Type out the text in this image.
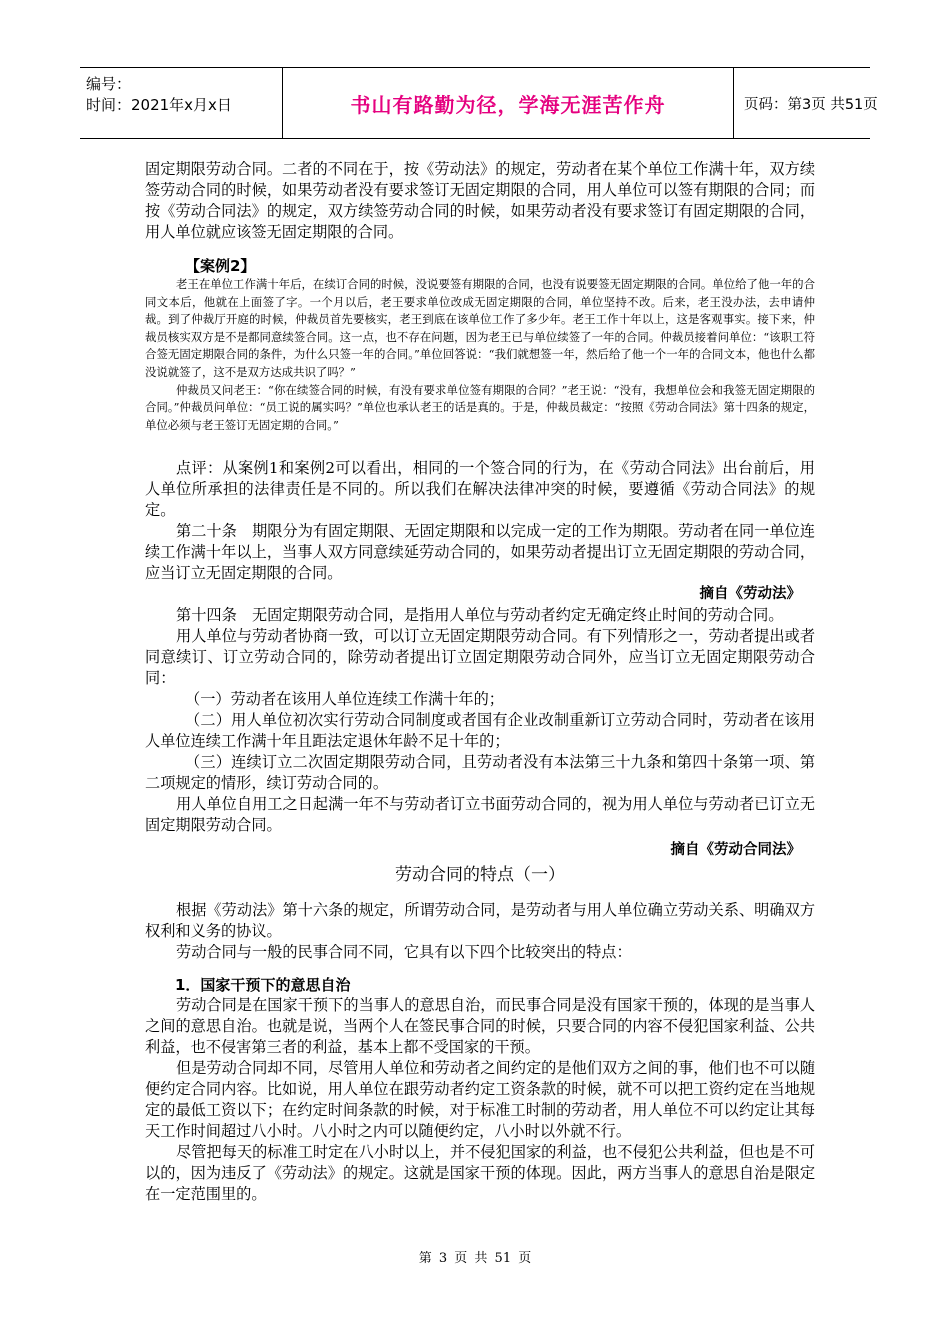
编号：
时间：2021年x月x日	书山有路勤为径，学海无涯苦作舟	页码：第3页 共51页

固定期限劳动合同。二者的不同在于，按《劳动法》的规定，劳动者在某个单位工作满十年，双方续签劳动合同的时候，如果劳动者没有要求签订无固定期限的合同，用人单位可以签有期限的合同；而按《劳动合同法》的规定，双方续签劳动合同的时候，如果劳动者没有要求签订有固定期限的合同，用人单位就应该签无固定期限的合同。

【案例2】

老王在单位工作满十年后，在续订合同的时候，没说要签有期限的合同，也没有说要签无固定期限的合同。单位给了他一年的合同文本后，他就在上面签了字。一个月以后，老王要求单位改成无固定期限的合同，单位坚持不改。后来，老王没办法，去申请仲裁。到了仲裁厅开庭的时候，仲裁员首先要核实，老王到底在该单位工作了多少年。老王工作十年以上，这是客观事实。接下来，仲裁员核实双方是不是都同意续签合同。这一点，也不存在问题，因为老王已与单位续签了一年的合同。仲裁员接着问单位：“该职工符合签无固定期限合同的条件，为什么只签一年的合同。”单位回答说：“我们就想签一年，然后给了他一个一年的合同文本，他也什么都没说就签了，这不是双方达成共识了吗？”

仲裁员又问老王：“你在续签合同的时候，有没有要求单位签有期限的合同？”老王说：“没有，我想单位会和我签无固定期限的合同。”仲裁员问单位：“员工说的属实吗？”单位也承认老王的话是真的。于是，仲裁员裁定：“按照《劳动合同法》第十四条的规定，单位必须与老王签订无固定期的合同。”

点评：从案例1和案例2可以看出，相同的一个签合同的行为，在《劳动合同法》出台前后，用人单位所承担的法律责任是不同的。所以我们在解决法律冲突的时候，要遵循《劳动合同法》的规定。

第二十条　期限分为有固定期限、无固定期限和以完成一定的工作为期限。劳动者在同一单位连续工作满十年以上，当事人双方同意续延劳动合同的，如果劳动者提出订立无固定期限的劳动合同，应当订立无固定期限的合同。

摘自《劳动法》

第十四条　无固定期限劳动合同，是指用人单位与劳动者约定无确定终止时间的劳动合同。

用人单位与劳动者协商一致，可以订立无固定期限劳动合同。有下列情形之一，劳动者提出或者同意续订、订立劳动合同的，除劳动者提出订立固定期限劳动合同外，应当订立无固定期限劳动合同：

（一）劳动者在该用人单位连续工作满十年的；

（二）用人单位初次实行劳动合同制度或者国有企业改制重新订立劳动合同时，劳动者在该用人单位连续工作满十年且距法定退休年龄不足十年的；

（三）连续订立二次固定期限劳动合同，且劳动者没有本法第三十九条和第四十条第一项、第二项规定的情形，续订劳动合同的。

用人单位自用工之日起满一年不与劳动者订立书面劳动合同的，视为用人单位与劳动者已订立无固定期限劳动合同。

摘自《劳动合同法》

劳动合同的特点（一）

根据《劳动法》第十六条的规定，所谓劳动合同，是劳动者与用人单位确立劳动关系、明确双方权利和义务的协议。

劳动合同与一般的民事合同不同，它具有以下四个比较突出的特点：

1．国家干预下的意思自治

劳动合同是在国家干预下的当事人的意思自治，而民事合同是没有国家干预的，体现的是当事人之间的意思自治。也就是说，当两个人在签民事合同的时候，只要合同的内容不侵犯国家利益、公共利益，也不侵害第三者的利益，基本上都不受国家的干预。

但是劳动合同却不同，尽管用人单位和劳动者之间约定的是他们双方之间的事，他们也不可以随便约定合同内容。比如说，用人单位在跟劳动者约定工资条款的时候，就不可以把工资约定在当地规定的最低工资以下；在约定时间条款的时候，对于标准工时制的劳动者，用人单位不可以约定让其每天工作时间超过八小时。八小时之内可以随便约定，八小时以外就不行。

尽管把每天的标准工时定在八小时以上，并不侵犯国家的利益，也不侵犯公共利益，但也是不可以的，因为违反了《劳动法》的规定。这就是国家干预的体现。因此，两方当事人的意思自治是限定在一定范围里的。

第 3 页 共 51 页
